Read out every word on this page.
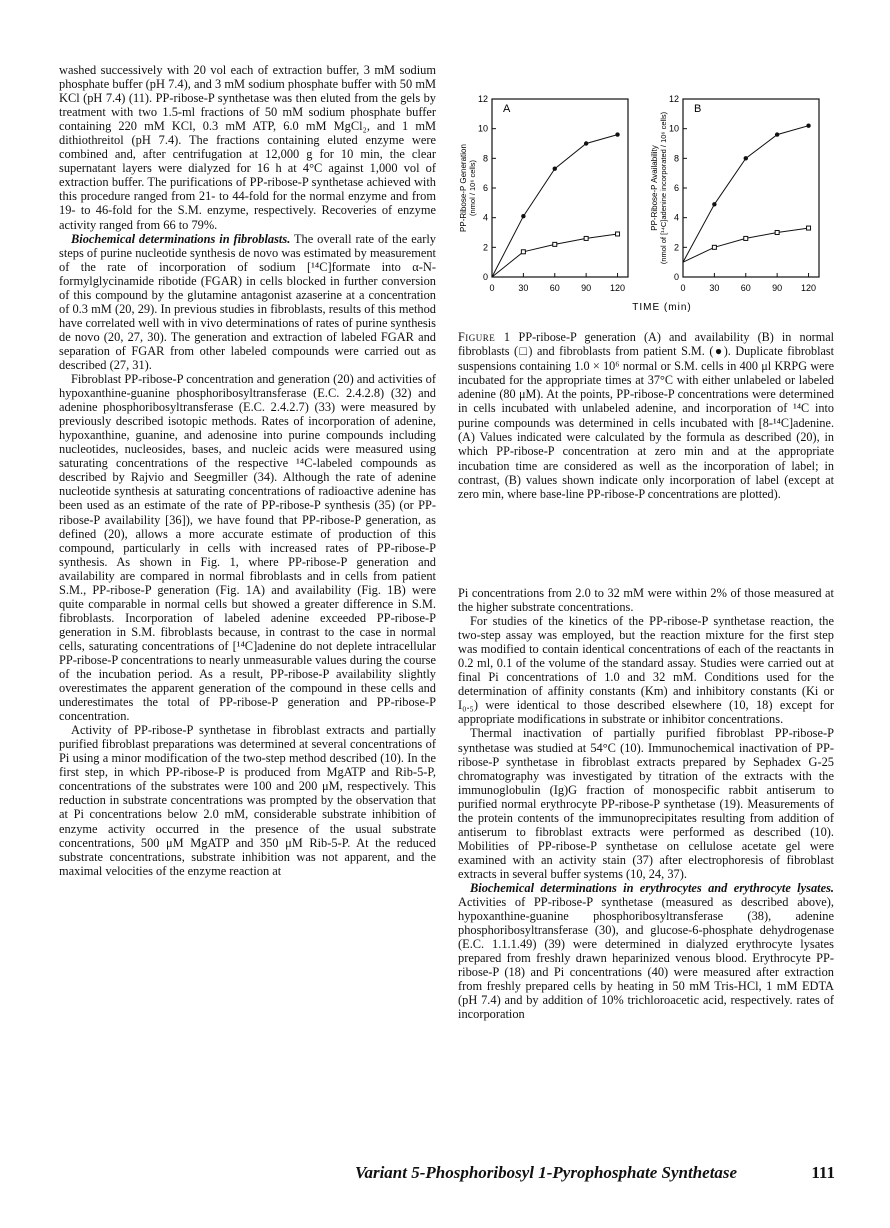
washed successively with 20 vol each of extraction buffer, 3 mM sodium phosphate buffer (pH 7.4), and 3 mM sodium phosphate buffer with 50 mM KCl (pH 7.4) (11). PP-ribose-P synthetase was then eluted from the gels by treatment with two 1.5-ml fractions of 50 mM sodium phosphate buffer containing 220 mM KCl, 0.3 mM ATP, 6.0 mM MgCl₂, and 1 mM dithiothreitol (pH 7.4). The fractions containing eluted enzyme were combined and, after centrifugation at 12,000 g for 10 min, the clear supernatant layers were dialyzed for 16 h at 4°C against 1,000 vol of extraction buffer. The purifications of PP-ribose-P synthetase achieved with this procedure ranged from 21- to 44-fold for the normal enzyme and from 19- to 46-fold for the S.M. enzyme, respectively. Recoveries of enzyme activity ranged from 66 to 79%.

Biochemical determinations in fibroblasts. The overall rate of the early steps of purine nucleotide synthesis de novo was estimated by measurement of the rate of incorporation of sodium [¹⁴C]formate into α-N-formylglycinamide ribotide (FGAR) in cells blocked in further conversion of this compound by the glutamine antagonist azaserine at a concentration of 0.3 mM (20, 29). In previous studies in fibroblasts, results of this method have correlated well with in vivo determinations of rates of purine synthesis de novo (20, 27, 30). The generation and extraction of labeled FGAR and separation of FGAR from other labeled compounds were carried out as described (27, 31).

Fibroblast PP-ribose-P concentration and generation (20) and activities of hypoxanthine-guanine phosphoribosyltransferase (E.C. 2.4.2.8) (32) and adenine phosphoribosyltransferase (E.C. 2.4.2.7) (33) were measured by previously described isotopic methods. Rates of incorporation of adenine, hypoxanthine, guanine, and adenosine into purine compounds including nucleotides, nucleosides, bases, and nucleic acids were measured using saturating concentrations of the respective ¹⁴C-labeled compounds as described by Rajvio and Seegmiller (34). Although the rate of adenine nucleotide synthesis at saturating concentrations of radioactive adenine has been used as an estimate of the rate of PP-ribose-P synthesis (35) (or PP-ribose-P availability [36]), we have found that PP-ribose-P generation, as defined (20), allows a more accurate estimate of production of this compound, particularly in cells with increased rates of PP-ribose-P synthesis. As shown in Fig. 1, where PP-ribose-P generation and availability are compared in normal fibroblasts and in cells from patient S.M., PP-ribose-P generation (Fig. 1A) and availability (Fig. 1B) were quite comparable in normal cells but showed a greater difference in S.M. fibroblasts. Incorporation of labeled adenine exceeded PP-ribose-P generation in S.M. fibroblasts because, in contrast to the case in normal cells, saturating concentrations of [¹⁴C]adenine do not deplete intracellular PP-ribose-P concentrations to nearly unmeasurable values during the course of the incubation period. As a result, PP-ribose-P availability slightly overestimates the apparent generation of the compound in these cells and underestimates the total of PP-ribose-P generation and PP-ribose-P concentration.

Activity of PP-ribose-P synthetase in fibroblast extracts and partially purified fibroblast preparations was determined at several concentrations of Pi using a minor modification of the two-step method described (10). In the first step, in which PP-ribose-P is produced from MgATP and Rib-5-P, concentrations of the substrates were 100 and 200 μM, respectively. This reduction in substrate concentrations was prompted by the observation that at Pi concentrations below 2.0 mM, considerable substrate inhibition of enzyme activity occurred in the presence of the usual substrate concentrations, 500 μM MgATP and 350 μM Rib-5-P. At the reduced substrate concentrations, substrate inhibition was not apparent, and the maximal velocities of the enzyme reaction at

A
0	30 60 90 120
0
2
4
6
8
10
12
PP-Ribose-P Generation (nmol / 10⁶ cells)
B
0	30 60 90 120
0
2
4
6
8
10
12
PP-Ribose-P Availability (nmol of [¹⁴C]adenine incorporated / 10⁶ cells)
TIME (min)
Figure 1 PP-ribose-P generation (A) and availability (B) in normal fibroblasts (□) and fibroblasts from patient S.M. (●). Duplicate fibroblast suspensions containing 1.0 × 10⁶ normal or S.M. cells in 400 μl KRPG were incubated for the appropriate times at 37°C with either unlabeled or labeled adenine (80 μM). At the points, PP-ribose-P concentrations were determined in cells incubated with unlabeled adenine, and incorporation of ¹⁴C into purine compounds was determined in cells incubated with [8-¹⁴C]adenine. (A) Values indicated were calculated by the formula as described (20), in which PP-ribose-P concentration at zero min and at the appropriate incubation time are considered as well as the incorporation of label; in contrast, (B) values shown indicate only incorporation of label (except at zero min, where base-line PP-ribose-P concentrations are plotted).

Pi concentrations from 2.0 to 32 mM were within 2% of those measured at the higher substrate concentrations.

For studies of the kinetics of the PP-ribose-P synthetase reaction, the two-step assay was employed, but the reaction mixture for the first step was modified to contain identical concentrations of each of the reactants in 0.2 ml, 0.1 of the volume of the standard assay. Studies were carried out at final Pi concentrations of 1.0 and 32 mM. Conditions used for the determination of affinity constants (Km) and inhibitory constants (Ki or I₀.₅) were identical to those described elsewhere (10, 18) except for appropriate modifications in substrate or inhibitor concentrations.

Thermal inactivation of partially purified fibroblast PP-ribose-P synthetase was studied at 54°C (10). Immunochemical inactivation of PP-ribose-P synthetase in fibroblast extracts prepared by Sephadex G-25 chromatography was investigated by titration of the extracts with the immunoglobulin (Ig)G fraction of monospecific rabbit antiserum to purified normal erythrocyte PP-ribose-P synthetase (19). Measurements of the protein contents of the immunoprecipitates resulting from addition of antiserum to fibroblast extracts were performed as described (10). Mobilities of PP-ribose-P synthetase on cellulose acetate gel were examined with an activity stain (37) after electrophoresis of fibroblast extracts in several buffer systems (10, 24, 37).

Biochemical determinations in erythrocytes and erythrocyte lysates. Activities of PP-ribose-P synthetase (measured as described above), hypoxanthine-guanine phosphoribosyltransferase (38), adenine phosphoribosyltransferase (30), and glucose-6-phosphate dehydrogenase (E.C. 1.1.1.49) (39) were determined in dialyzed erythrocyte lysates prepared from freshly drawn heparinized venous blood. Erythrocyte PP-ribose-P (18) and Pi concentrations (40) were measured after extraction from freshly prepared cells by heating in 50 mM Tris-HCl, 1 mM EDTA (pH 7.4) and by addition of 10% trichloroacetic acid, respectively. rates of incorporation

Variant 5-Phosphoribosyl 1-Pyrophosphate Synthetase	111
